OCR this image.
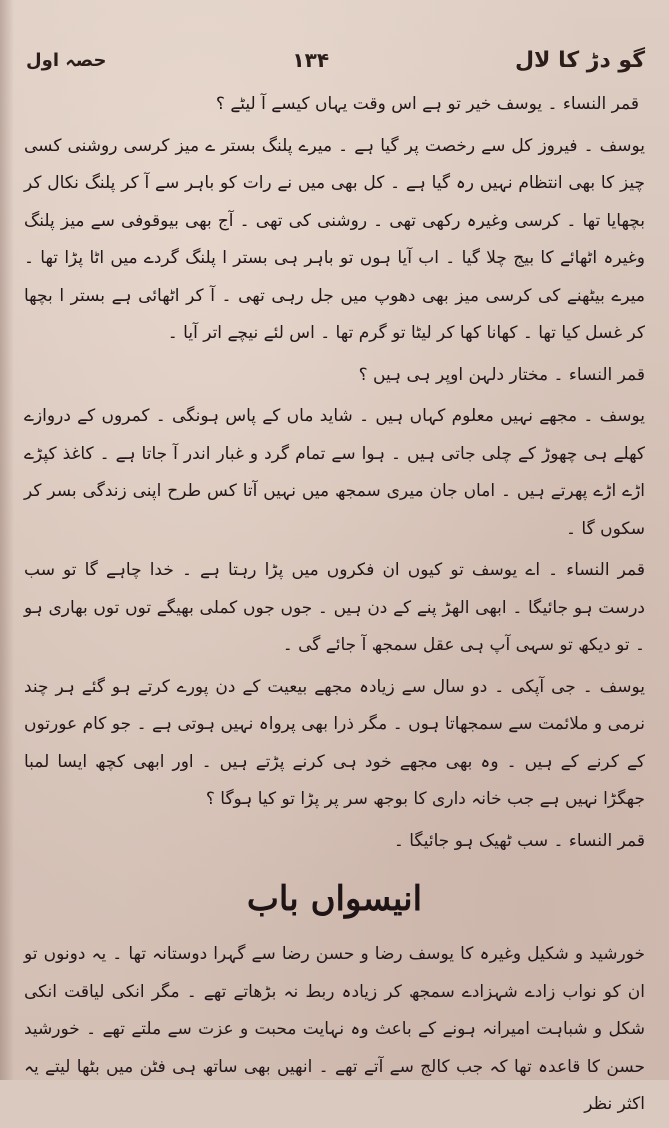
گو دڑ کا لال
۱۳۴
حصہ اول

قمر النساء ۔ یوسف خیر تو ہے اس وقت یہاں کیسے آ لیٹے ؟

یوسف ۔ فیروز کل سے رخصت پر گیا ہے ۔ میرے پلنگ بستر ے میز کرسی روشنی کسی چیز کا بھی انتظام نہیں رہ گیا ہے ۔ کل بھی میں نے رات کو باہر سے آ کر پلنگ نکال کر بچھایا تھا ۔ کرسی وغیرہ رکھی تھی ۔ روشنی کی تھی ۔ آج بھی بیوقوفی سے میز پلنگ وغیرہ اٹھائے کا بیج چلا گیا ۔ اب آیا ہوں تو باہر ہی بستر ا پلنگ گردے میں اٹا پڑا تھا ۔ میرے بیٹھنے کی کرسی میز بھی دھوپ میں جل رہی تھی ۔ آ کر اٹھائی ہے بستر ا بچھا کر غسل کیا تھا ۔ کھانا کھا کر لیٹا تو گرم تھا ۔ اس لئے نیچے اتر آیا ۔

قمر النساء ۔ مختار دلہن اوپر ہی ہیں ؟

یوسف ۔ مجھے نہیں معلوم کہاں ہیں ۔ شاید ماں کے پاس ہونگی ۔ کمروں کے دروازے کھلے ہی چھوڑ کے چلی جاتی ہیں ۔ ہوا سے تمام گرد و غبار اندر آ جاتا ہے ۔ کاغذ کپڑے اڑے اڑے پھرتے ہیں ۔ اماں جان میری سمجھ میں نہیں آتا کس طرح اپنی زندگی بسر کر سکوں گا ۔

قمر النساء ۔ اے یوسف تو کیوں ان فکروں میں پڑا رہتا ہے ۔ خدا چاہے گا تو سب درست ہو جائیگا ۔ ابھی الھڑ پنے کے دن ہیں ۔ جوں جوں کملی بھیگے توں توں بھاری ہو ۔ تو دیکھ تو سہی آپ ہی عقل سمجھ آ جائے گی ۔

یوسف ۔ جی آپکی ۔ دو سال سے زیادہ مجھے بیعیت کے دن پورے کرتے ہو گئے ہر چند نرمی و ملائمت سے سمجھاتا ہوں ۔ مگر ذرا بھی پرواہ نہیں ہوتی ہے ۔ جو کام عورتوں کے کرنے کے ہیں ۔ وہ بھی مجھے خود ہی کرنے پڑتے ہیں ۔ اور ابھی کچھ ایسا لمبا جھگڑا نہیں ہے جب خانہ داری کا بوجھ سر پر پڑا تو کیا ہوگا ؟

قمر النساء ۔ سب ٹھیک ہو جائیگا ۔

انیسواں باب

خورشید و شکیل وغیرہ کا یوسف رضا و حسن رضا سے گہرا دوستانہ تھا ۔ یہ دونوں تو ان کو نواب زادے شہزادے سمجھ کر زیادہ ربط نہ بڑھاتے تھے ۔ مگر انکی لیاقت انکی شکل و شباہت امیرانہ ہونے کے باعث وہ نہایت محبت و عزت سے ملتے تھے ۔ خورشید حسن کا قاعدہ تھا کہ جب کالج سے آتے تھے ۔ انھیں بھی ساتھ ہی فٹن میں بٹھا لیتے یہ اکثر نظر
